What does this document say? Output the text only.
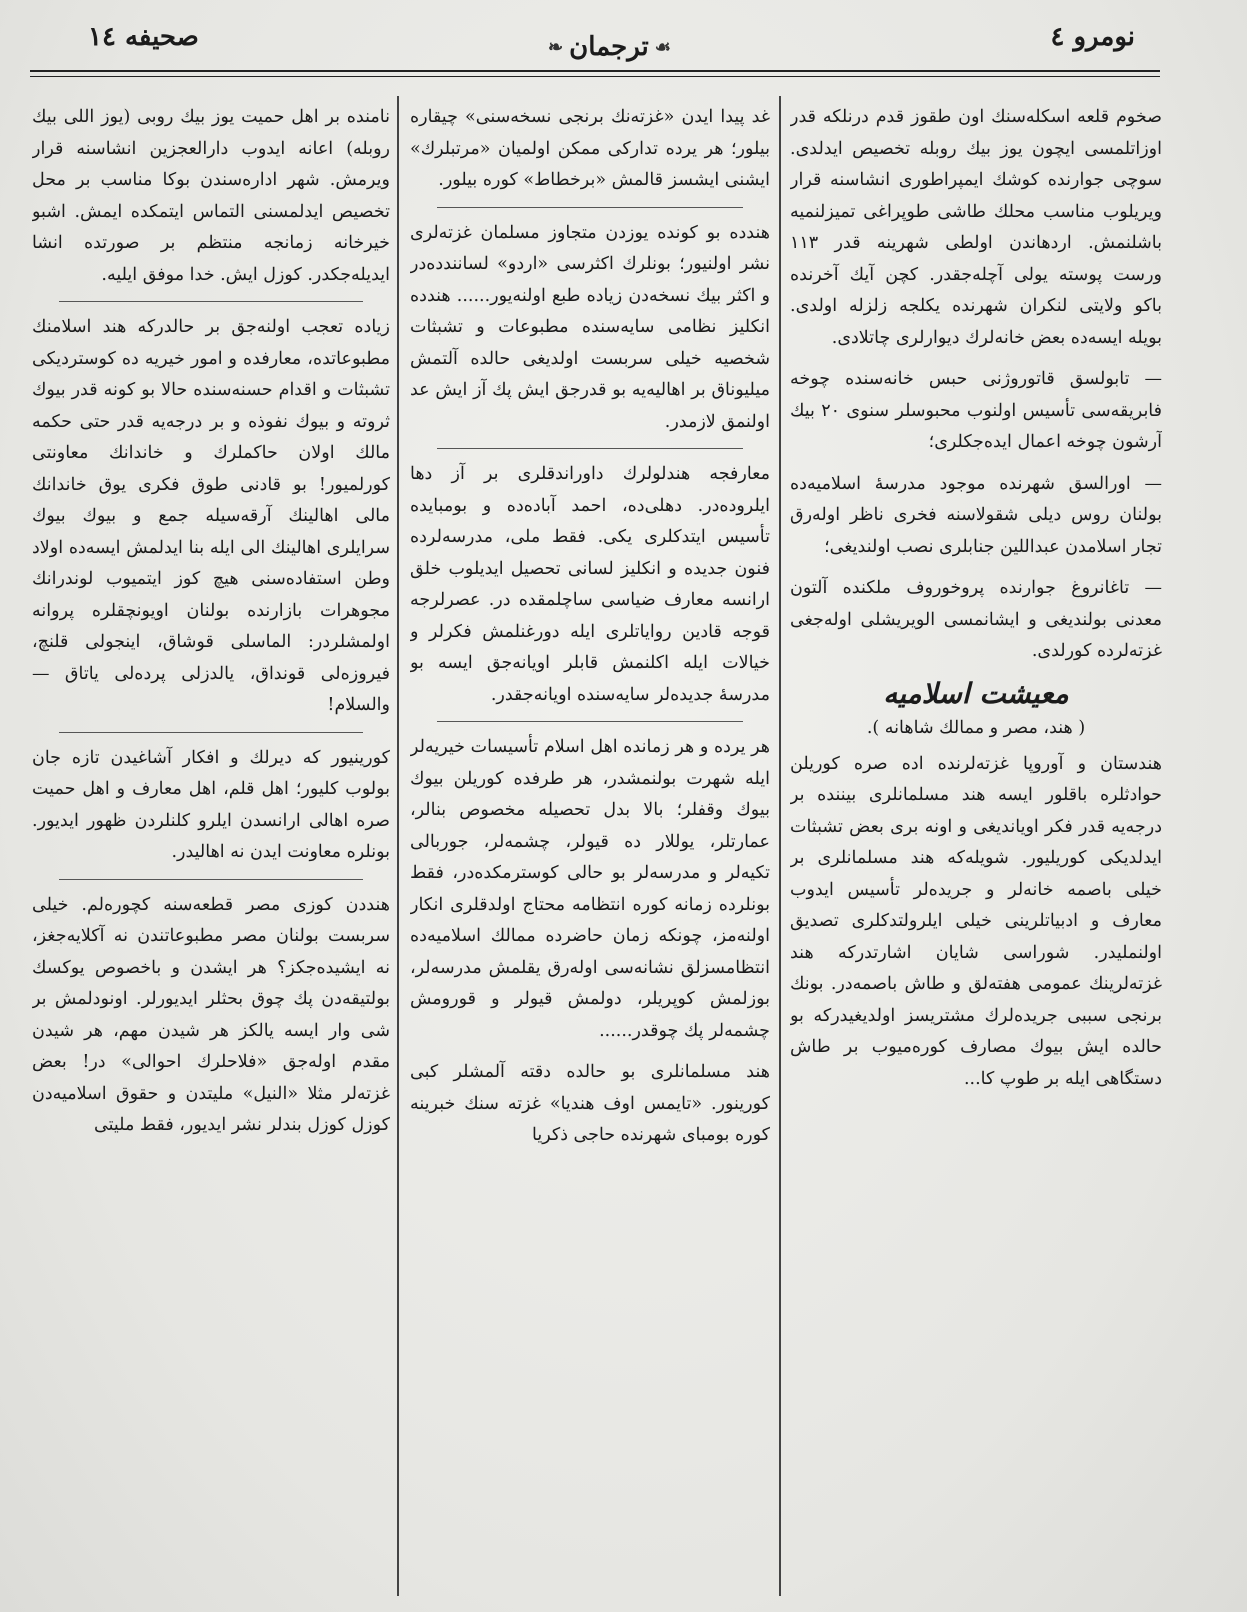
نومرو ٤
❧ ترجمان ☙
صحيفه ١٤

صخوم قلعه اسكله‌سنك اون طقوز قدم درنلكه قدر اوزاتلمسى ايچون يوز بيك روبله تخصيص ايدلدى. سوچى جوارنده كوشك ايمپراطورى انشاسنه قرار ويريلوب مناسب محلك طاشى طوپراغى تميزلنميه باشلنمش. اردهاندن اولطى شهرينه قدر ١١٣ ورست پوسته يولى آچله‌جقدر. كچن آيك آخرنده باكو ولايتى لنكران شهرنده يكلجه زلزله اولدى. بويله ايسه‌ده بعض خانه‌لرك ديوارلرى چاتلادى.

— تابولسق قاتوروژنى حبس خانه‌سنده چوخه فابريقه‌سى تأسيس اولنوب محبوسلر سنوى ٢٠ بيك آرشون چوخه اعمال ايده‌جكلرى؛

— اورالسق شهرنده موجود مدرسهٔ اسلاميه‌ده بولنان روس ديلى شقولاسنه فخرى ناظر اوله‌رق تجار اسلامدن عبداللين جنابلرى نصب اولندیغى؛

— تاغانروغ جوارنده پروخوروف ملكنده آلتون معدنى بولنديغى و ايشانمسى الويريشلى اوله‌جغى غزته‌لرده كورلدى.

معيشت اسلاميه
( هند، مصر و ممالك شاهانه ).

هندستان و آوروپا غزته‌لرنده اده صره كوريلن حوادثلره باقلور ايسه هند مسلمانلرى بيننده بر درجه‌يه قدر فكر اوياندیغى و اونه برى بعض تشبثات ايدلديكى كوريليور. شويله‌كه هند مسلمانلرى بر خيلى باصمه خانه‌لر و جريده‌لر تأسيس ايدوب معارف و ادبياتلرينى خيلى ايلرولتدكلرى تصديق اولنمليدر. شوراسى شايان اشارتدركه هند غزته‌لرينك عمومى هفته‌لق و طاش باصمه‌در. بونك برنجى سببى جريده‌لرك مشتريسز اولديغيدركه بو حالده ايش بيوك مصارف كوره‌ميوب بر طاش دستگاهى ايله بر طوپ كا...

غد پيدا ايدن «غزته‌نك برنجى نسخه‌سنى» چيقاره بيلور؛ هر يرده تداركى ممكن اولميان «مرتبلرك» ايشنى ايشسز قالمش «برخطاط» كوره بيلور.

هندده بو كونده يوزدن متجاوز مسلمان غزته‌لرى نشر اولنيور؛ بونلرك اكثرسى «اردو» لسانندده‌در و اكثر بيك نسخه‌دن زياده طبع اولنه‌يور...... هندده انكليز نظامى سايه‌سنده مطبوعات و تشبثات شخصيه خيلى سربست اولديغى حالده آلتمش ميليوناق بر اهاليه‌يه بو قدرجق ايش پك آز ايش عد اولنمق لازمدر.

معارفجه هندلولرك داوراندقلرى بر آز دها ايلروده‌در. دهلى‌ده، احمد آباده‌ده و بومبايده تأسيس ايتدكلرى يكى. فقط ملى، مدرسه‌لرده فنون جديده و انكليز لسانى تحصيل ايديلوب خلق ارانسه معارف ضياسى ساچلمقده در. عصرلرجه قوجه قادين رواياتلرى ايله دورغنلمش فكرلر و خيالات ايله اكلنمش قابلر اويانه‌جق ايسه بو مدرسهٔ جديده‌لر سايه‌سنده اويانه‌جقدر.

هر يرده و هر زمانده اهل اسلام تأسيسات خيريه‌لر ايله شهرت بولنمشدر، هر طرفده كوريلن بيوك بيوك وقفلر؛ بالا بدل تحصيله مخصوص بنالر، عمارتلر، يوللار ده قيولر، چشمه‌لر، جوربالى تكيه‌لر و مدرسه‌لر بو حالى كوسترمكده‌در، فقط بونلرده زمانه كوره انتظامه محتاج اولدقلرى انكار اولنه‌مز، چونكه زمان حاضرده ممالك اسلاميه‌ده انتظامسزلق نشانه‌سى اوله‌رق يقلمش مدرسه‌لر، بوزلمش كوپريلر، دولمش قيولر و قورومش چشمه‌لر پك چوقدر......

هند مسلمانلرى بو حالده دقته آلمشلر كبى كورينور. «تايمس اوف هنديا» غزته سنك خبرينه كوره بومباى شهرنده حاجى ذكريا

نامنده بر اهل حميت يوز بيك روبى (يوز اللى بيك روبله) اعانه ايدوب دارالعجزين انشاسنه قرار ويرمش. شهر اداره‌سندن بوكا مناسب بر محل تخصيص ايدلمسنى التماس ايتمكده ايمش. اشبو خيرخانه زمانجه منتظم بر صورتده انشا ايديله‌جكدر. كوزل ايش. خدا موفق ايليه.

زياده تعجب اولنه‌جق بر حالدركه هند اسلامنك مطبوعاتده، معارفده و امور خيريه ده كوستردیكى تشبثات و اقدام حسنه‌سنده حالا بو كونه قدر بيوك ثروته و بيوك نفوذه و بر درجه‌يه قدر حتى حكمه مالك اولان حاكملرك و خاندانك معاونتى كورلميور! بو قادنى طوق فكرى يوق خاندانك مالى اهالينك آرقه‌سيله جمع و بيوك بيوك سرايلرى اهالينك الى ايله بنا ايدلمش ايسه‌ده اولاد وطن استفاده‌سنى هيچ كوز ايتميوب لوندرانك مجوهرات بازارنده بولنان اويونچقلره پروانه اولمشلردر: الماسلى قوشاق، اينجولى قلنچ، فيروزه‌لى قونداق، يالدزلى پرده‌لى ياتاق — والسلام!

كورينيور كه ديرلك و افكار آشاغيدن تازه جان بولوب كليور؛ اهل قلم، اهل معارف و اهل حميت صره اهالى ارانسدن ايلرو كلنلردن ظهور ايديور. بونلره معاونت ايدن نه اهاليدر.

هنددن كوزى مصر قطعه‌سنه كچوره‌لم. خيلى سربست بولنان مصر مطبوعاتندن نه آكلايه‌جغز، نه ايشيده‌جكز؟ هر ايشدن و باخصوص يوكسك بولتيقه‌دن پك چوق بحثلر ايديورلر. اونودلمش بر شى وار ايسه يالكز هر شيدن مهم، هر شيدن مقدم اوله‌جق «فلاحلرك احوالى» در! بعض غزته‌لر مثلا «النيل» مليتدن و حقوق اسلاميه‌دن كوزل كوزل بندلر نشر ايديور، فقط مليتى
